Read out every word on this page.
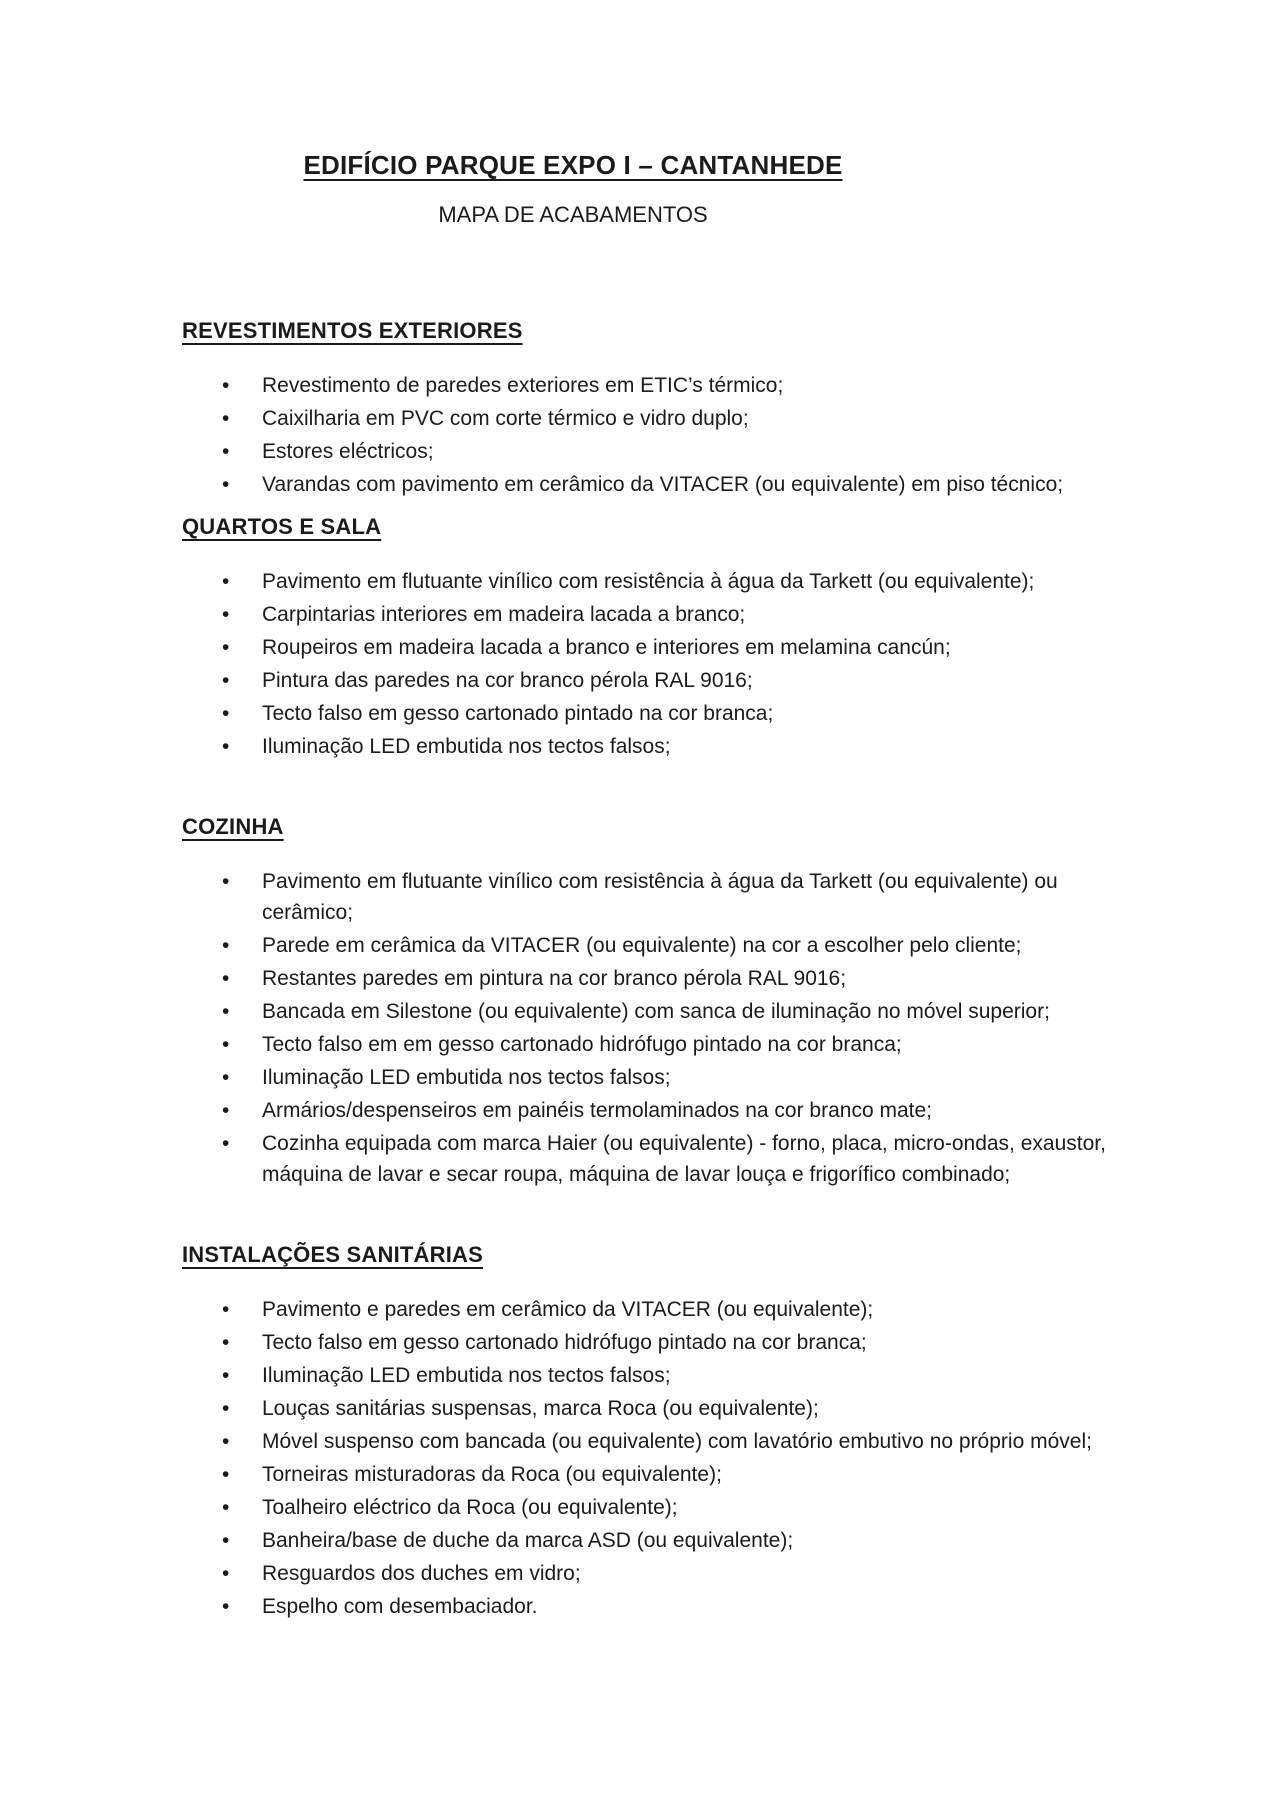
EDIFÍCIO PARQUE EXPO I – CANTANHEDE

MAPA DE ACABAMENTOS

REVESTIMENTOS EXTERIORES
• Revestimento de paredes exteriores em ETIC’s térmico;
• Caixilharia em PVC com corte térmico e vidro duplo;
• Estores eléctricos;
• Varandas com pavimento em cerâmico da VITACER (ou equivalente) em piso técnico;
QUARTOS E SALA
• Pavimento em flutuante vinílico com resistência à água da Tarkett (ou equivalente);
• Carpintarias interiores em madeira lacada a branco;
• Roupeiros em madeira lacada a branco e interiores em melamina cancún;
• Pintura das paredes na cor branco pérola RAL 9016;
• Tecto falso em gesso cartonado pintado na cor branca;
• Iluminação LED embutida nos tectos falsos;
COZINHA
• Pavimento em flutuante vinílico com resistência à água da Tarkett (ou equivalente) ou cerâmico;
• Parede em cerâmica da VITACER (ou equivalente) na cor a escolher pelo cliente;
• Restantes paredes em pintura na cor branco pérola RAL 9016;
• Bancada em Silestone (ou equivalente) com sanca de iluminação no móvel superior;
• Tecto falso em em gesso cartonado hidrófugo pintado na cor branca;
• Iluminação LED embutida nos tectos falsos;
• Armários/despenseiros em painéis termolaminados na cor branco mate;
• Cozinha equipada com marca Haier (ou equivalente) - forno, placa, micro-ondas, exaustor, máquina de lavar e secar roupa, máquina de lavar louça e frigorífico combinado;
INSTALAÇÕES SANITÁRIAS
• Pavimento e paredes em cerâmico da VITACER (ou equivalente);
• Tecto falso em gesso cartonado hidrófugo pintado na cor branca;
• Iluminação LED embutida nos tectos falsos;
• Louças sanitárias suspensas, marca Roca (ou equivalente);
• Móvel suspenso com bancada (ou equivalente) com lavatório embutivo no próprio móvel;
• Torneiras misturadoras da Roca (ou equivalente);
• Toalheiro eléctrico da Roca (ou equivalente);
• Banheira/base de duche da marca ASD (ou equivalente);
• Resguardos dos duches em vidro;
• Espelho com desembaciador.
